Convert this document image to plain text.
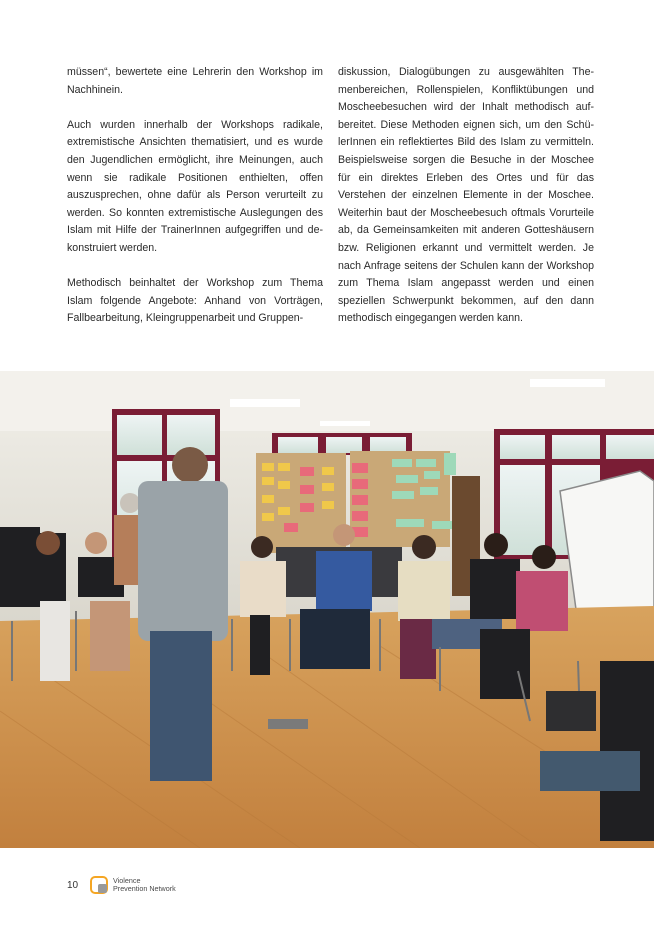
müssen“, bewertete eine Lehrerin den Workshop im Nachhinein.

Auch wurden innerhalb der Workshops radikale, extremistische Ansichten thematisiert, und es wurde den Jugendlichen ermöglicht, ihre Meinungen, auch wenn sie radikale Positionen enthielten, offen auszusprechen, ohne dafür als Person verurteilt zu werden. So konnten extremistische Auslegungen des Islam mit Hilfe der TrainerInnen aufgegriffen und dekonstruiert werden.

Methodisch beinhaltet der Workshop zum Thema Islam folgende Angebote: Anhand von Vorträgen, Fallbearbeitung, Kleingruppenarbeit und Gruppen-

diskussion, Dialogübungen zu ausgewählten Themenbereichen, Rollenspielen, Konfliktübungen und Moscheebesuchen wird der Inhalt methodisch aufbereitet. Diese Methoden eignen sich, um den SchülerInnen ein reflektiertes Bild des Islam zu vermitteln. Beispielsweise sorgen die Besuche in der Moschee für ein direktes Erleben des Ortes und für das Verstehen der einzelnen Elemente in der Moschee. Weiterhin baut der Moscheebesuch oftmals Vorurteile ab, da Gemeinsamkeiten mit anderen Gotteshäusern bzw. Religionen erkannt und vermittelt werden. Je nach Anfrage seitens der Schulen kann der Workshop zum Thema Islam angepasst werden und einen speziellen Schwerpunkt bekommen, auf den dann methodisch eingegangen werden kann.

10	Violence
Prevention Network
